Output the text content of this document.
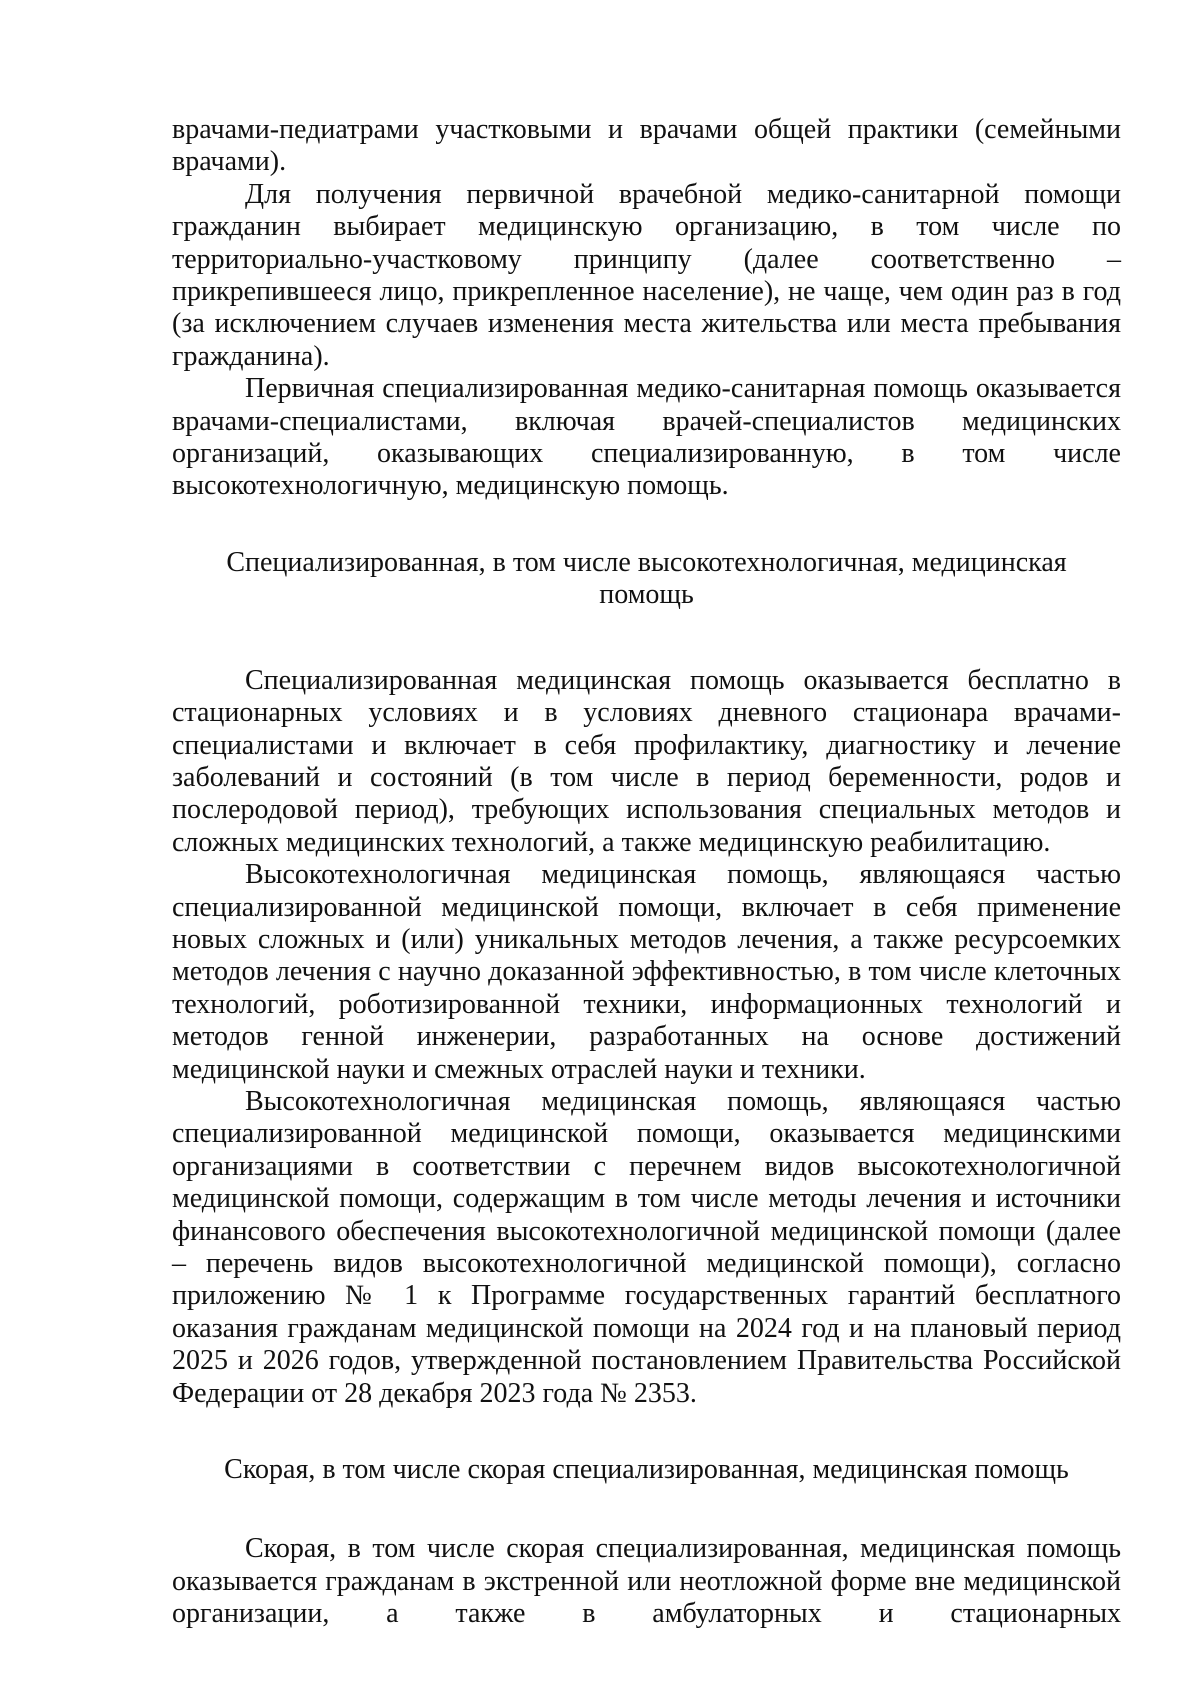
врачами-педиатрами участковыми и врачами общей практики (семейными врачами).

Для получения первичной врачебной медико-санитарной помощи гражданин выбирает медицинскую организацию, в том числе по территориально-участковому принципу (далее соответственно – прикрепившееся лицо, прикрепленное население), не чаще, чем один раз в год (за исключением случаев изменения места жительства или места пребывания гражданина).

Первичная специализированная медико-санитарная помощь оказывается врачами-специалистами, включая врачей-специалистов медицинских организаций, оказывающих специализированную, в том числе высокотехнологичную, медицинскую помощь.

Специализированная, в том числе высокотехнологичная, медицинская помощь

Специализированная медицинская помощь оказывается бесплатно в стационарных условиях и в условиях дневного стационара врачами-специалистами и включает в себя профилактику, диагностику и лечение заболеваний и состояний (в том числе в период беременности, родов и послеродовой период), требующих использования специальных методов и сложных медицинских технологий, а также медицинскую реабилитацию.

Высокотехнологичная медицинская помощь, являющаяся частью специализированной медицинской помощи, включает в себя применение новых сложных и (или) уникальных методов лечения, а также ресурсоемких методов лечения с научно доказанной эффективностью, в том числе клеточных технологий, роботизированной техники, информационных технологий и методов генной инженерии, разработанных на основе достижений медицинской науки и смежных отраслей науки и техники.

Высокотехнологичная медицинская помощь, являющаяся частью специализированной медицинской помощи, оказывается медицинскими организациями в соответствии с перечнем видов высокотехнологичной медицинской помощи, содержащим в том числе методы лечения и источники финансового обеспечения высокотехнологичной медицинской помощи (далее – перечень видов высокотехнологичной медицинской помощи), согласно приложению № 1 к Программе государственных гарантий бесплатного оказания гражданам медицинской помощи на 2024 год и на плановый период 2025 и 2026 годов, утвержденной постановлением Правительства Российской Федерации от 28 декабря 2023 года № 2353.

Скорая, в том числе скорая специализированная, медицинская помощь

Скорая, в том числе скорая специализированная, медицинская помощь оказывается гражданам в экстренной или неотложной форме вне медицинской организации, а также в амбулаторных и стационарных
